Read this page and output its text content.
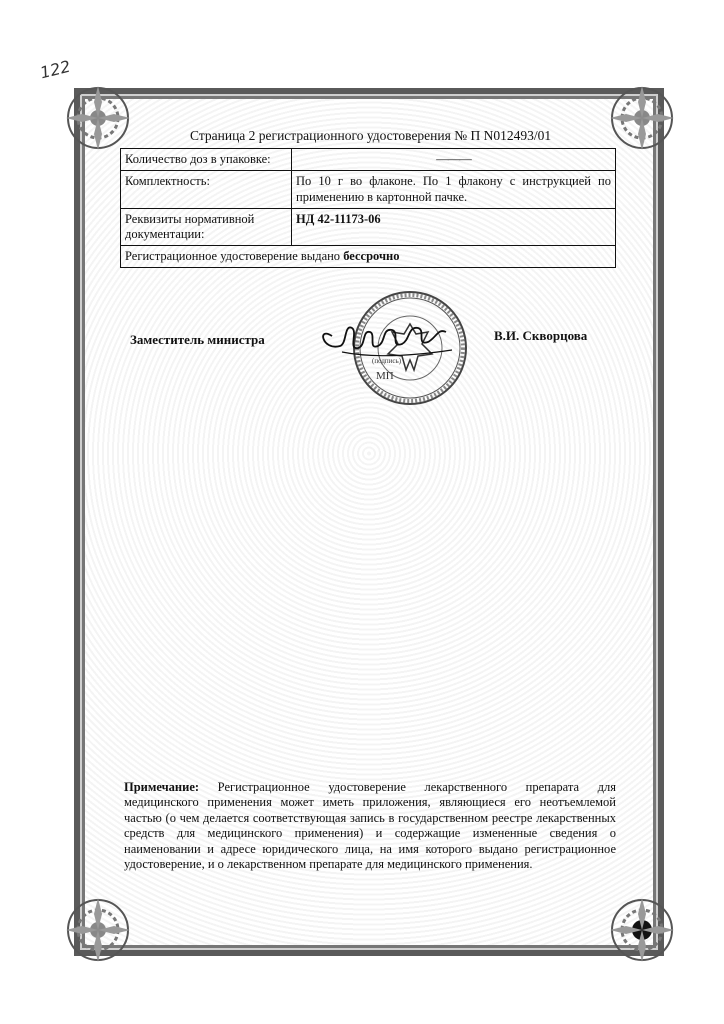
122
Страница 2 регистрационного удостоверения № П N012493/01
Количество доз в упаковке:	———

Комплектность:	По 10 г во флаконе. По 1 флакону с инструкцией по применению в картонной пачке.
Реквизиты нормативной документации:	НД 42-11173-06
Регистрационное удостоверение выдано бессрочно	
Заместитель министра	В.И. Скворцова
(подпись)
МП
Примечание: Регистрационное удостоверение лекарственного препарата для медицинского применения может иметь приложения, являющиеся его неотъемлемой частью (о чем делается соответствующая запись в государственном реестре лекарственных средств для медицинского применения) и содержащие измененные сведения о наименовании и адресе юридического лица, на имя которого выдано регистрационное удостоверение, и о лекарственном препарате для медицинского применения.
